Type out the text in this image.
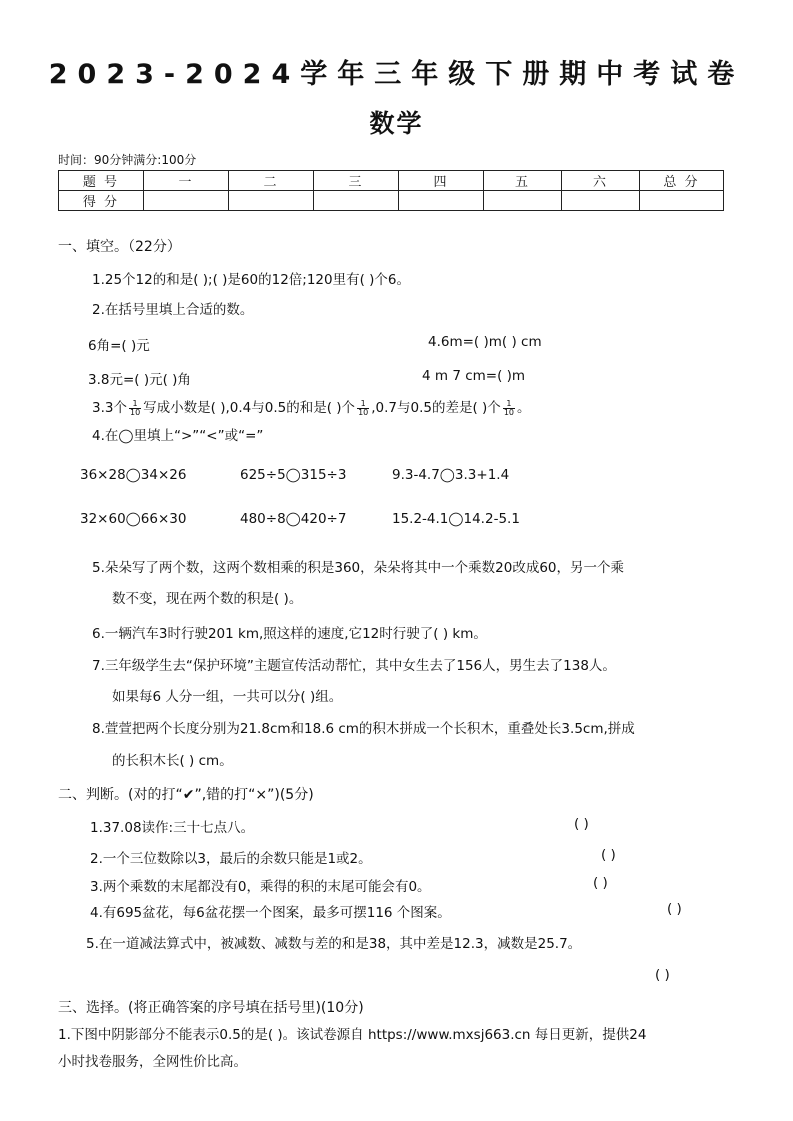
2023-2024学年三年级下册期中考试卷
数学
时间：90分钟满分:100分
题 号	一	二	三	四	五	六	总 分
得 分							
一、填空。（22分）
1.25个12的和是( );( )是60的12倍;120里有( )个6。
2.在括号里填上合适的数。
6角=( )元	4.6m=( )m( ) cm
3.8元=( )元( )角	4 m 7 cm=( )m
3.3个 $\frac{1}{10}$ 写成小数是( ),0.4与0.5的和是( )个 $\frac{1}{10} ,0.7$与0.5的差是( )个 $\frac{1}{10}$ 。
4.在◯里填上“>”“<”或“=”
36×28◯34×26	625÷5◯315÷3	9.3-4.7◯3.3+1.4
32×60◯66×30	480÷8◯420÷7	15.2-4.1◯14.2-5.1
5.朵朵写了两个数，这两个数相乘的积是360，朵朵将其中一个乘数20改成60，另一个乘
数不变，现在两个数的积是( )。
6.一辆汽车3时行驶201 km,照这样的速度,它12时行驶了( ) km。
7.三年级学生去“保护环境”主题宣传活动帮忙，其中女生去了156人，男生去了138人。
如果每6 人分一组，一共可以分( )组。
8.萱萱把两个长度分别为21.8cm和18.6 cm的积木拼成一个长积木，重叠处长3.5cm,拼成
的长积木长( ) cm。
二、判断。(对的打“✔”,错的打“×”)(5分)
1.37.08读作:三十七点八。	( )
2.一个三位数除以3，最后的余数只能是1或2。	( )
3.两个乘数的末尾都没有0，乘得的积的末尾可能会有0。	( )
4.有695盆花，每6盆花摆一个图案，最多可摆116 个图案。	( )
5.在一道减法算式中，被减数、减数与差的和是38，其中差是12.3，减数是25.7。
( )
三、选择。(将正确答案的序号填在括号里)(10分)
1.下图中阴影部分不能表示0.5的是( )。该试卷源自 https://www.mxsj663.cn 每日更新，提供24
小时找卷服务，全网性价比高。
